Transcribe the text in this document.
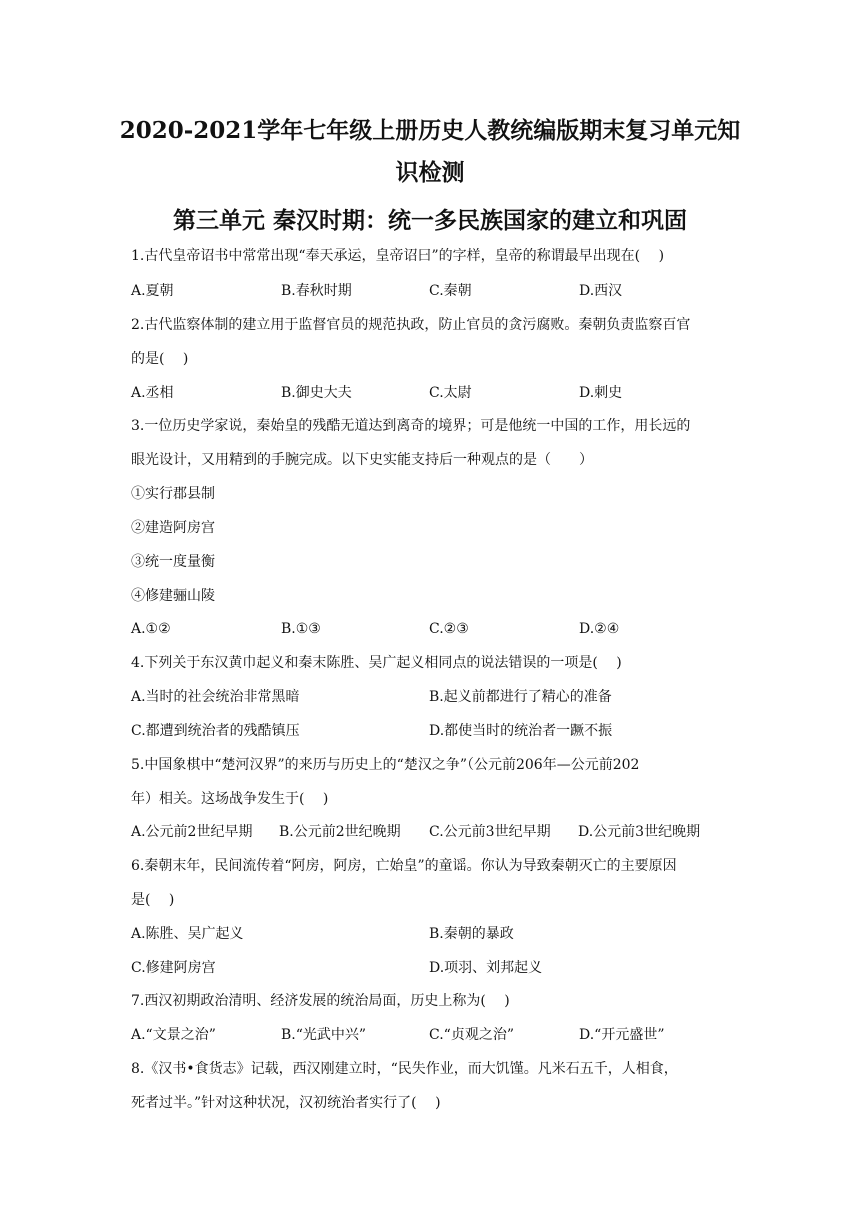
2020-2021学年七年级上册历史人教统编版期末复习单元知
识检测
第三单元 秦汉时期：统一多民族国家的建立和巩固
1.古代皇帝诏书中常常出现“奉天承运，皇帝诏曰”的字样，皇帝的称谓最早出现在(　 )
A.夏朝	B.春秋时期	C.秦朝	D.西汉
2.古代监察体制的建立用于监督官员的规范执政，防止官员的贪污腐败。秦朝负责监察百官
的是(　 )
A.丞相	B.御史大夫	C.太尉	D.刺史
3.一位历史学家说，秦始皇的残酷无道达到离奇的境界；可是他统一中国的工作，用长远的
眼光设计，又用精到的手腕完成。以下史实能支持后一种观点的是（　　）
①实行郡县制
②建造阿房宫
③统一度量衡
④修建骊山陵
A.①②	B.①③	C.②③	D.②④
4.下列关于东汉黄巾起义和秦末陈胜、吴广起义相同点的说法错误的一项是(　 )
A.当时的社会统治非常黑暗	B.起义前都进行了精心的准备
C.都遭到统治者的残酷镇压	D.都使当时的统治者一蹶不振
5.中国象棋中“楚河汉界”的来历与历史上的“楚汉之争”（公元前206年—公元前202
年）相关。这场战争发生于(　 )
A.公元前2世纪早期 B.公元前2世纪晚期 C.公元前3世纪早期 D.公元前3世纪晚期
6.秦朝末年，民间流传着“阿房，阿房，亡始皇”的童谣。你认为导致秦朝灭亡的主要原因
是(　 )
A.陈胜、吴广起义	B.秦朝的暴政
C.修建阿房宫	D.项羽、刘邦起义
7.西汉初期政治清明、经济发展的统治局面，历史上称为(　 )
A.“文景之治”	B.“光武中兴”	C.“贞观之治”	D.“开元盛世”
8.《汉书•食货志》记载，西汉刚建立时，“民失作业，而大饥馑。凡米石五千，人相食，
死者过半。”针对这种状况，汉初统治者实行了(　 )
